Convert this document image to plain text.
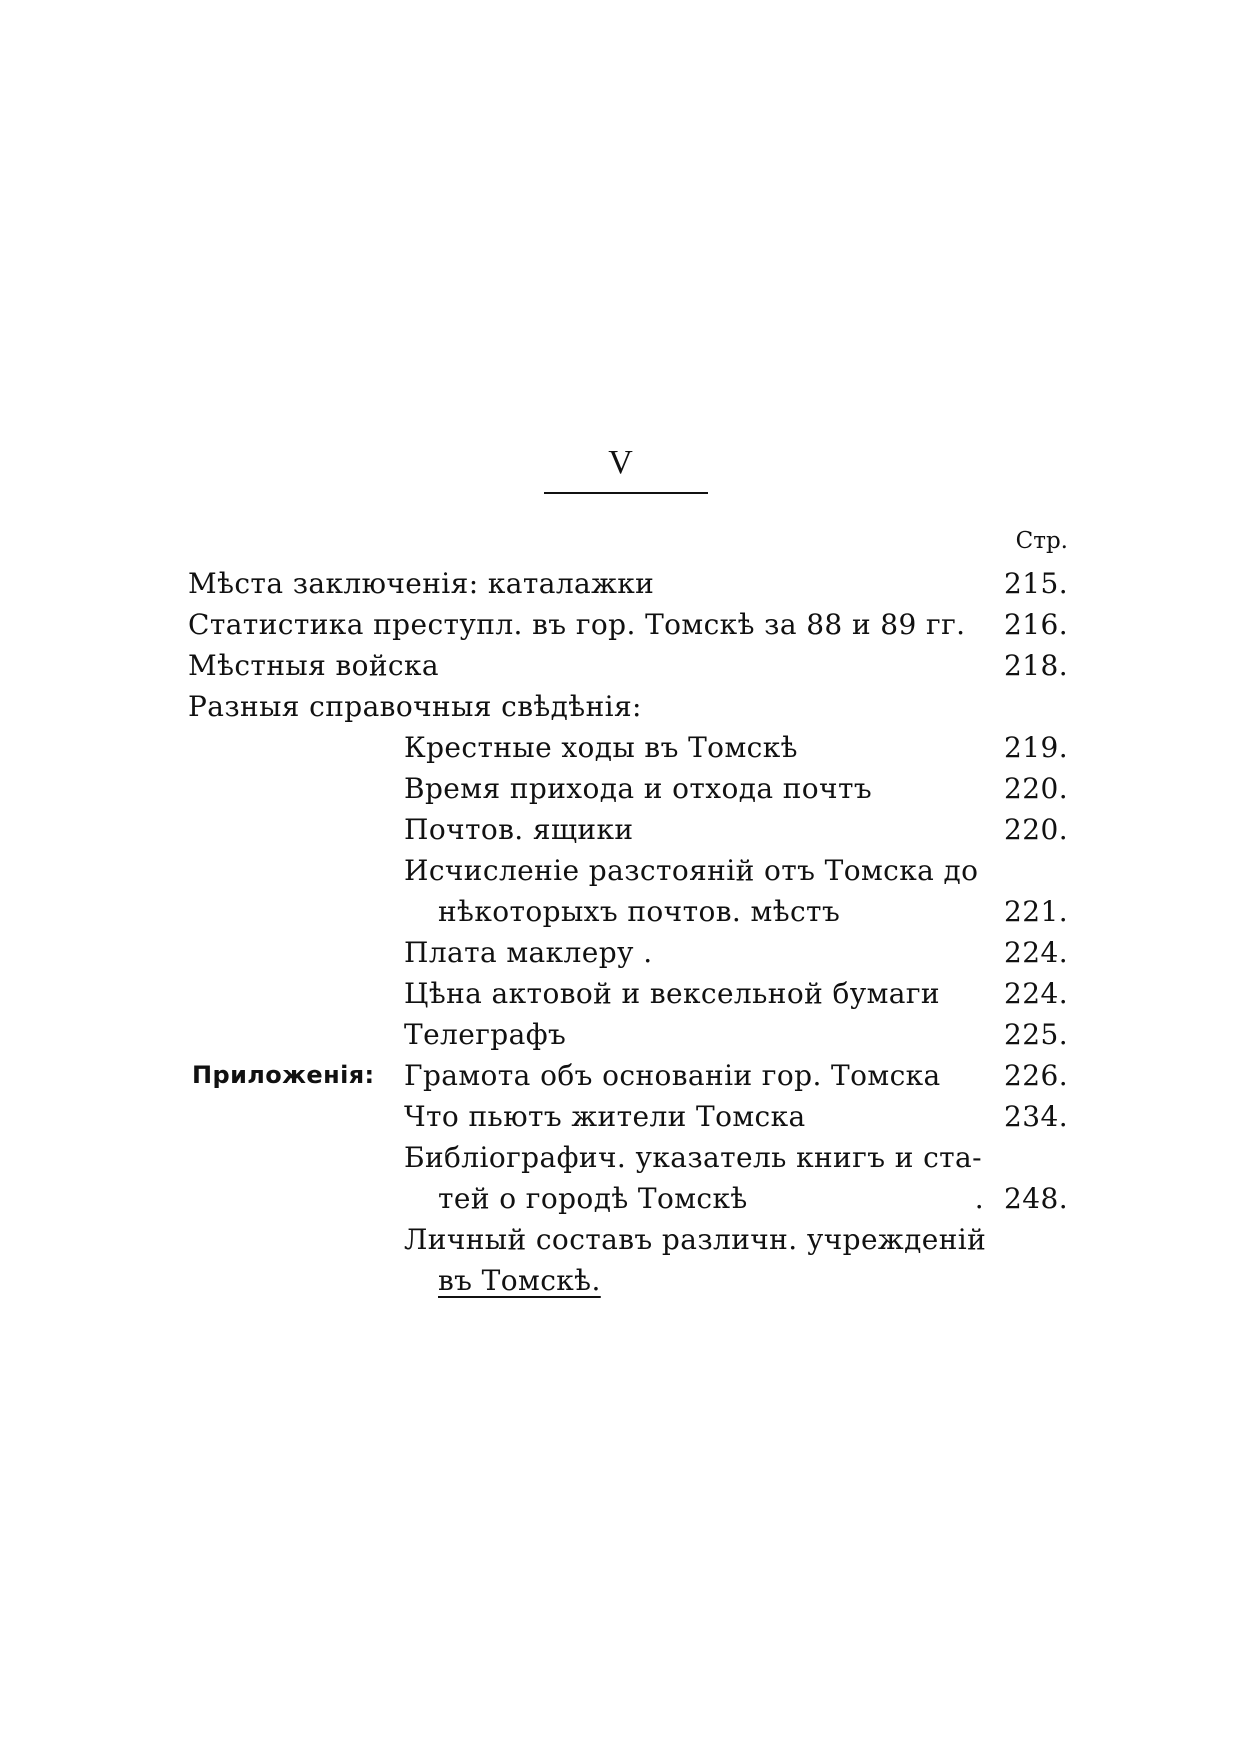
V
Стр.
Мѣста заключенія: каталажки	215.
Статистика преступл. въ гор. Томскѣ за 88 и 89 гг. 216.
Мѣстныя войска	218.
Разныя справочныя свѣдѣнія:
Крестные ходы въ Томскѣ	219.
Время прихода и отхода почтъ	220.
Почтов. ящики	220.
Исчисленіе разстояній отъ Томска до
нѣкоторыхъ почтов. мѣстъ	221.
Плата маклеру .	224.
Цѣна актовой и вексельной бумаги 224.
Телеграфъ	225.
Приложенія: Грамота объ основаніи гор. Томска 226.
Что пьютъ жители Томска	234.
Библіографич. указатель книгъ и ста-
тей о городѣ Томскѣ	. 248.
Личный составъ различн. учрежденій
въ Томскѣ.
